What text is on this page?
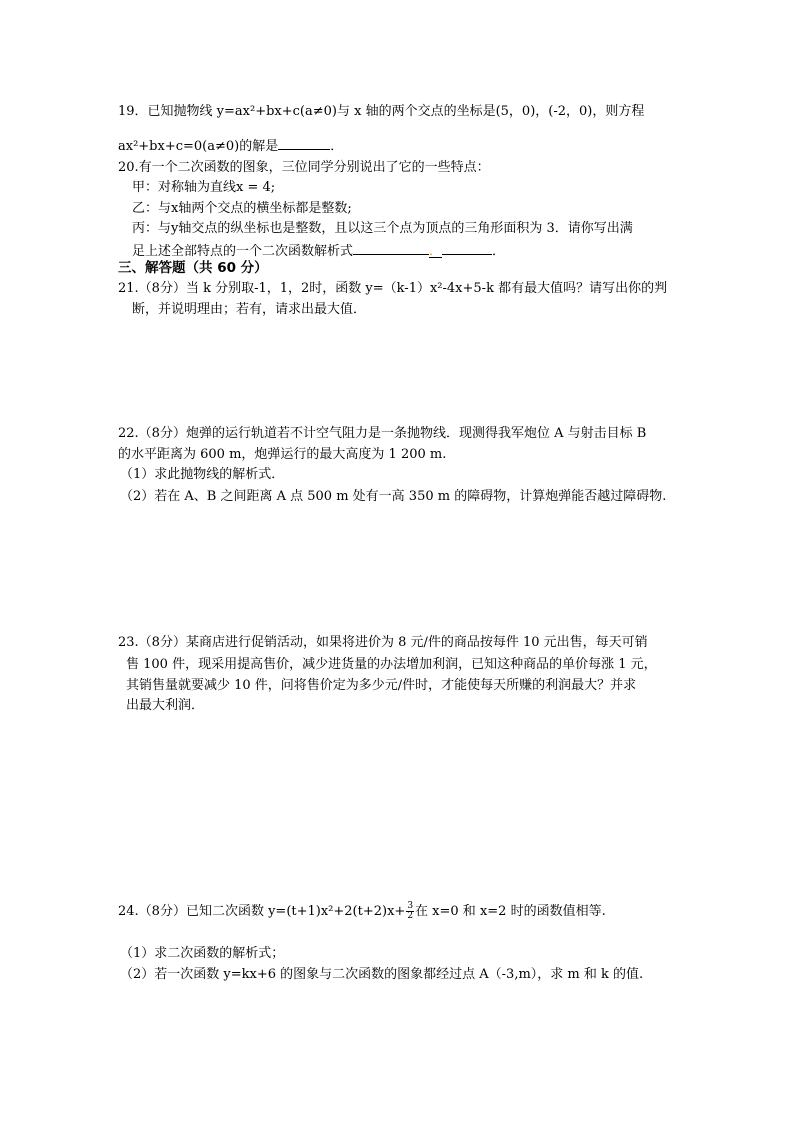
19．已知抛物线 y=ax²+bx+c(a≠0)与 x 轴的两个交点的坐标是(5，0)，(-2，0)，则方程
ax²+bx+c=0(a≠0)的解是	．
20.有一个二次函数的图象，三位同学分别说出了它的一些特点：
甲：对称轴为直线x = 4;
乙：与x轴两个交点的横坐标都是整数;
丙：与y轴交点的纵坐标也是整数，且以这三个点为顶点的三角形面积为 3．请你写出满
足上述全部特点的一个二次函数解析式	．	．
三、解答题（共 60 分）
21.（8分）当 k 分别取-1，1，2时，函数 y=（k-1）x²-4x+5-k 都有最大值吗？请写出你的判
断，并说明理由；若有，请求出最大值．
22.（8分）炮弹的运行轨道若不计空气阻力是一条抛物线．现测得我军炮位 A 与射击目标 B
的水平距离为 600 m，炮弹运行的最大高度为 1 200 m.
（1）求此抛物线的解析式．
（2）若在 A、B 之间距离 A 点 500 m 处有一高 350 m 的障碍物，计算炮弹能否越过障碍物.
23.（8分）某商店进行促销活动，如果将进价为 8 元/件的商品按每件 10 元出售，每天可销
售 100 件，现采用提高售价，减少进货量的办法增加利润，已知这种商品的单价每涨 1 元，
其销售量就要减少 10 件，问将售价定为多少元/件时，才能使每天所赚的利润最大？并求
出最大利润．
24.（8分）已知二次函数 $y=(t+1)x^2+2(t+2)x+ \frac{3}{2}$ 在 x=0 和 x=2 时的函数值相等.
（1）求二次函数的解析式；
（2）若一次函数 y=kx+6 的图象与二次函数的图象都经过点 A（-3,m），求 m 和 k 的值.
